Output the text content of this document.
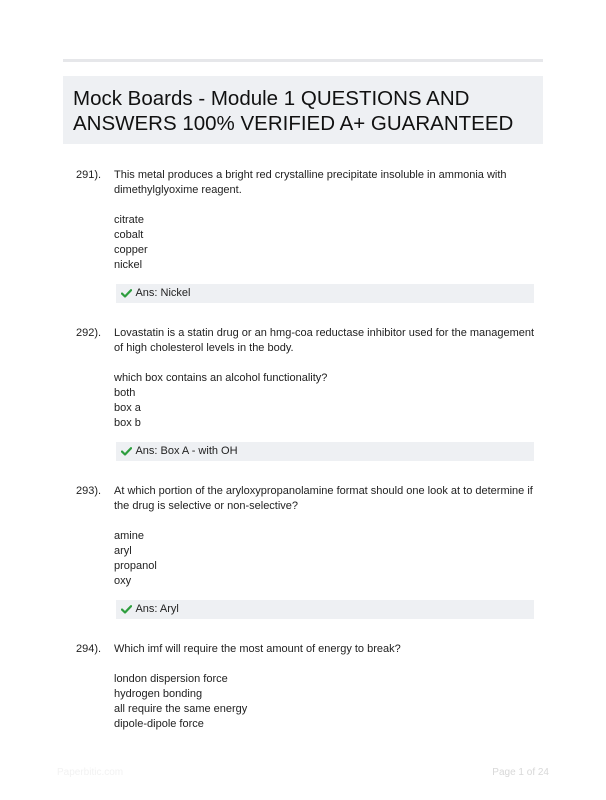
Mock Boards - Module 1 QUESTIONS AND ANSWERS 100% VERIFIED A+ GUARANTEED
291). This metal produces a bright red crystalline precipitate insoluble in ammonia with dimethylglyoxime reagent.

citrate
cobalt
copper
nickel
Ans: Nickel
292). Lovastatin is a statin drug or an hmg-coa reductase inhibitor used for the management of high cholesterol levels in the body.

which box contains an alcohol functionality?

both
box a
box b
Ans: Box A - with OH
293). At which portion of the aryloxypropanolamine format should one look at to determine if the drug is selective or non-selective?

amine
aryl
propanol
oxy
Ans: Aryl
294). Which imf will require the most amount of energy to break?

london dispersion force
hydrogen bonding
all require the same energy
dipole-dipole force
Paperbitic.com	Page 1 of 24
